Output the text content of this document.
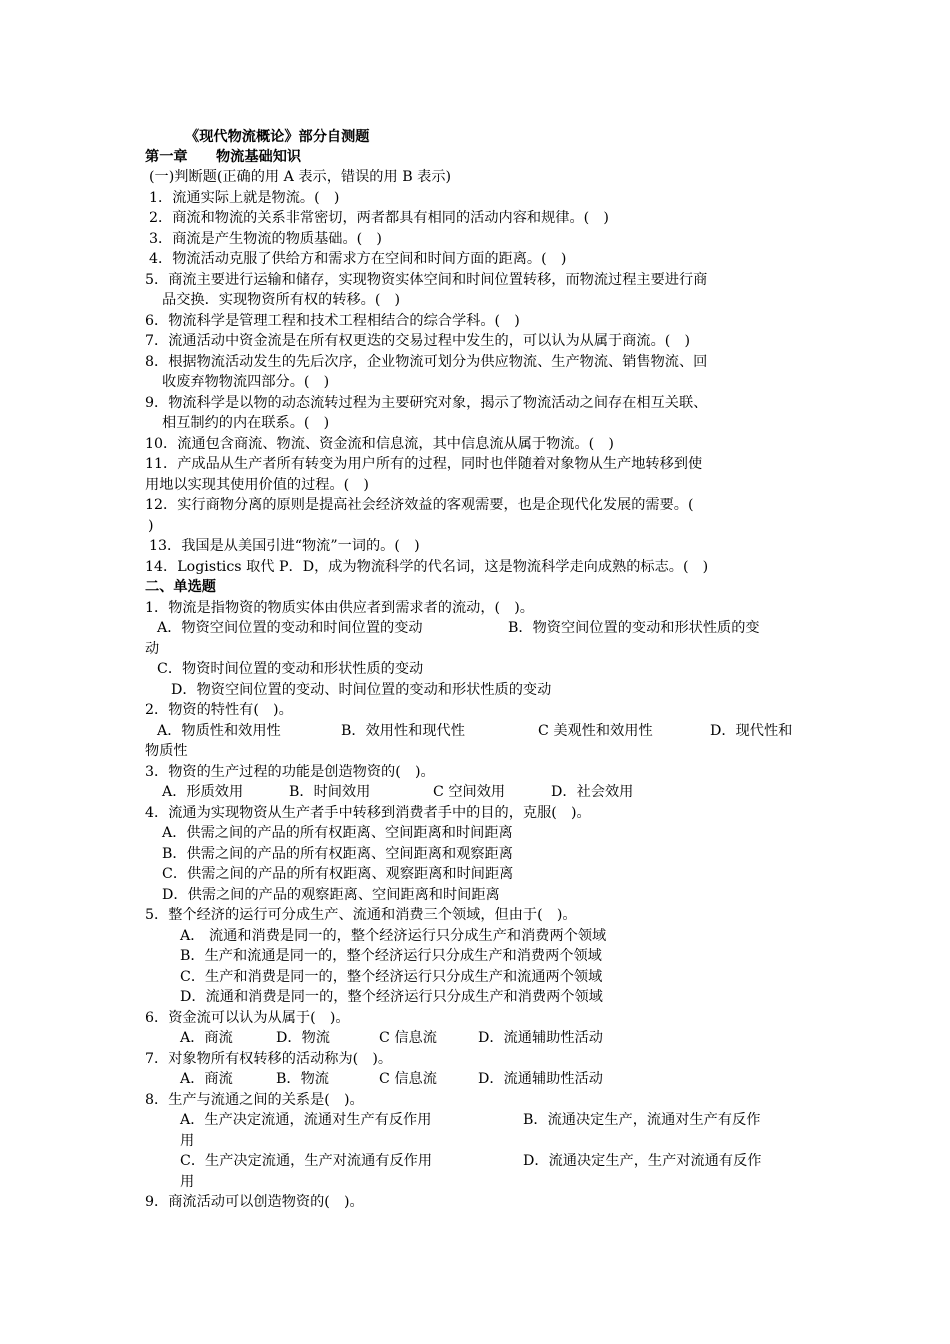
《现代物流概论》部分自测题
第一章　　物流基础知识
(一)判断题(正确的用 A 表示，错误的用 B 表示)
1．流通实际上就是物流。(　)
2．商流和物流的关系非常密切，两者都具有相同的活动内容和规律。(　)
3．商流是产生物流的物质基础。(　)
4．物流活动克服了供给方和需求方在空间和时间方面的距离。(　)
5．商流主要进行运输和储存，实现物资实体空间和时间位置转移，而物流过程主要进行商
品交换．实现物资所有权的转移。(　)
6．物流科学是管理工程和技术工程相结合的综合学科。(　)
7．流通活动中资金流是在所有权更迭的交易过程中发生的，可以认为从属于商流。(　)
8．根据物流活动发生的先后次序，企业物流可划分为供应物流、生产物流、销售物流、回
收废弃物物流四部分。(　)
9．物流科学是以物的动态流转过程为主要研究对象，揭示了物流活动之间存在相互关联、
相互制约的内在联系。(　)
10．流通包含商流、物流、资金流和信息流，其中信息流从属于物流。(　)
11．产成品从生产者所有转变为用户所有的过程，同时也伴随着对象物从生产地转移到使
用地以实现其使用价值的过程。(　)
12．实行商物分离的原则是提高社会经济效益的客观需要，也是企现代化发展的需要。(
)
13．我国是从美国引进“物流”一词的。(　)
14．Logistics 取代 P．D，成为物流科学的代名词，这是物流科学走向成熟的标志。(　)
二、单选题
1．物流是指物资的物质实体由供应者到需求者的流动，(　)。
A．物资空间位置的变动和时间位置的变动	B．物资空间位置的变动和形状性质的变
动
C．物资时间位置的变动和形状性质的变动
D．物资空间位置的变动、时间位置的变动和形状性质的变动
2．物资的特性有(　)。
A．物质性和效用性	B．效用性和现代性	C 美观性和效用性	D．现代性和
物质性
3．物资的生产过程的功能是创造物资的(　)。
A．形质效用	B．时间效用	C 空间效用	D．社会效用
4．流通为实现物资从生产者手中转移到消费者手中的目的，克服(　)。
A．供需之间的产品的所有权距离、空间距离和时间距离
B．供需之间的产品的所有权距离、空间距离和观察距离
C．供需之间的产品的所有权距离、观察距离和时间距离
D．供需之间的产品的观察距离、空间距离和时间距离
5．整个经济的运行可分成生产、流通和消费三个领域，但由于(　)。
A． 流通和消费是同一的，整个经济运行只分成生产和消费两个领域
B．生产和流通是同一的，整个经济运行只分成生产和消费两个领域
C．生产和消费是同一的，整个经济运行只分成生产和流通两个领域
D．流通和消费是同一的，整个经济运行只分成生产和消费两个领域
6．资金流可以认为从属于(　)。
A．商流	D．物流	C 信息流	D．流通辅助性活动
7．对象物所有权转移的活动称为(　)。
A．商流	B．物流	C 信息流	D．流通辅助性活动
8．生产与流通之间的关系是(　)。
A．生产决定流通，流通对生产有反作用	B．流通决定生产，流通对生产有反作
用
C．生产决定流通，生产对流通有反作用	D．流通决定生产，生产对流通有反作
用
9．商流活动可以创造物资的(　)。
